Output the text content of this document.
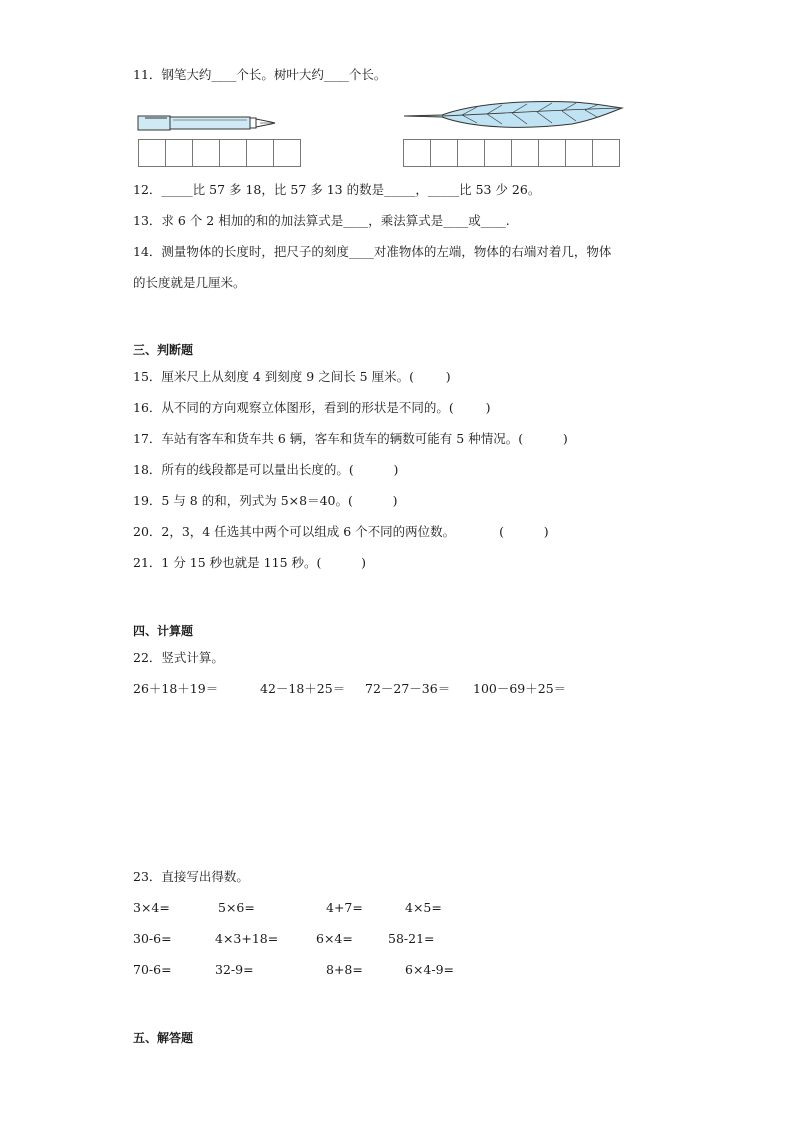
11．钢笔大约____个长。树叶大约____个长。
12．_____比 57 多 18，比 57 多 13 的数是_____，_____比 53 少 26。
13．求 6 个 2 相加的和的加法算式是____，乘法算式是____或____.
14．测量物体的长度时，把尺子的刻度____对准物体的左端，物体的右端对着几，物体
的长度就是几厘米。
三、判断题
15．厘米尺上从刻度 4 到刻度 9 之间长 5 厘米。(        )
16．从不同的方向观察立体图形，看到的形状是不同的。(        )
17．车站有客车和货车共 6 辆，客车和货车的辆数可能有 5 种情况。(          )
18．所有的线段都是可以量出长度的。(          )
19．5 与 8 的和，列式为 5×8＝40。(          )
20．2，3，4 任选其中两个可以组成 6 个不同的两位数。	(          )
21．1 分 15 秒也就是 115 秒。(          )
四、计算题
22．竖式计算。
26＋18＋19＝	42－18＋25＝ 72－27－36＝ 100－69＋25＝
23．直接写出得数。
3×4=	5×6=	4+7=	4×5=
30-6=	4×3+18=	6×4=	58-21=
70-6=	32-9=	8+8=	6×4-9=
五、解答题
